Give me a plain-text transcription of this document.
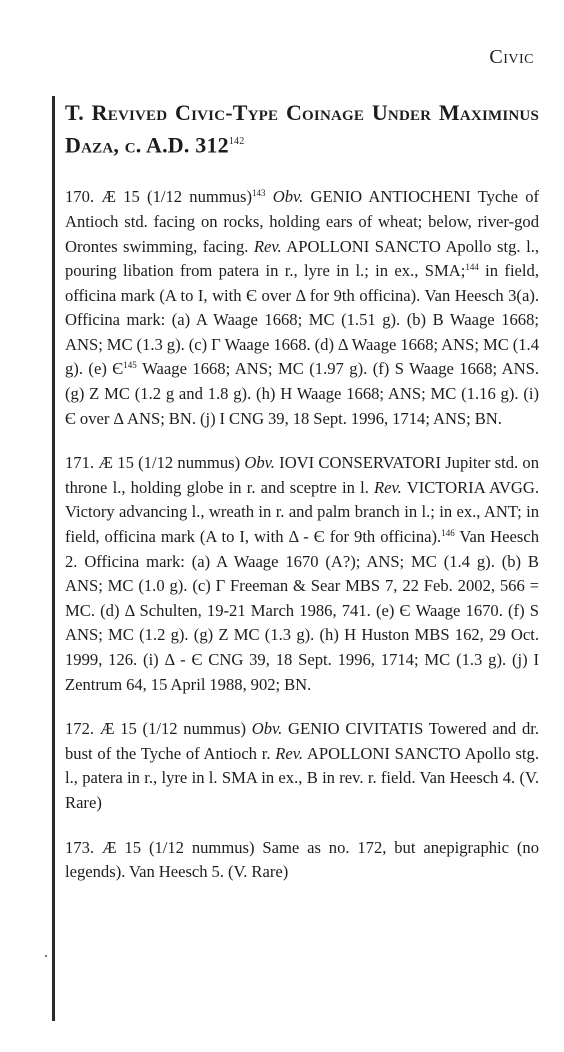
Civic
T. Revived Civic-Type Coinage Under Maximinus Daza, c. A.D. $312^{142}$

170. Æ 15 (1/12 nummus)$^{143}$ Obv. GENIO ANTIOCHENI Tyche of Antioch std. facing on rocks, holding ears of wheat; below, river-god Orontes swimming, facing. Rev. APOLLONI SANCTO Apollo stg. l., pouring libation from patera in r., lyre in l.; in ex., SMA;$^{144}$ in field, officina mark (A to I, with Є over Δ for 9th officina). Van Heesch 3(a). Officina mark: (a) A Waage 1668; MC (1.51 g). (b) B Waage 1668; ANS; MC (1.3 g). (c) Γ Waage 1668. (d) Δ Waage 1668; ANS; MC (1.4 g). (e) $Є^{145}$ Waage 1668; ANS; MC (1.97 g). (f) S Waage 1668; ANS. (g) Z MC (1.2 g and 1.8 g). (h) H Waage 1668; ANS; MC (1.16 g). (i) Є over Δ ANS; BN. (j) I CNG 39, 18 Sept. 1996, 1714; ANS; BN.

171. Æ 15 (1/12 nummus) Obv. IOVI CONSERVATORI Jupiter std. on throne l., holding globe in r. and sceptre in l. Rev. VICTORIA AVGG. Victory advancing l., wreath in r. and palm branch in l.; in ex., ANT; in field, officina mark (A to I, with Δ - Є for 9th officina).$^{146}$ Van Heesch 2. Officina mark: (a) A Waage 1670 (A?); ANS; MC (1.4 g). (b) B ANS; MC (1.0 g). (c) Γ Freeman & Sear MBS 7, 22 Feb. 2002, 566 = MC. (d) Δ Schulten, 19-21 March 1986, 741. (e) Є Waage 1670. (f) S ANS; MC (1.2 g). (g) Z MC (1.3 g). (h) H Huston MBS 162, 29 Oct. 1999, 126. (i) Δ - Є CNG 39, 18 Sept. 1996, 1714; MC (1.3 g). (j) I Zentrum 64, 15 April 1988, 902; BN.

172. Æ 15 (1/12 nummus) Obv. GENIO CIVITATIS Towered and dr. bust of the Tyche of Antioch r. Rev. APOLLONI SANCTO Apollo stg. l., patera in r., lyre in l. SMA in ex., B in rev. r. field. Van Heesch 4. (V. Rare)

173. Æ 15 (1/12 nummus) Same as no. 172, but anepigraphic (no legends). Van Heesch 5. (V. Rare)
